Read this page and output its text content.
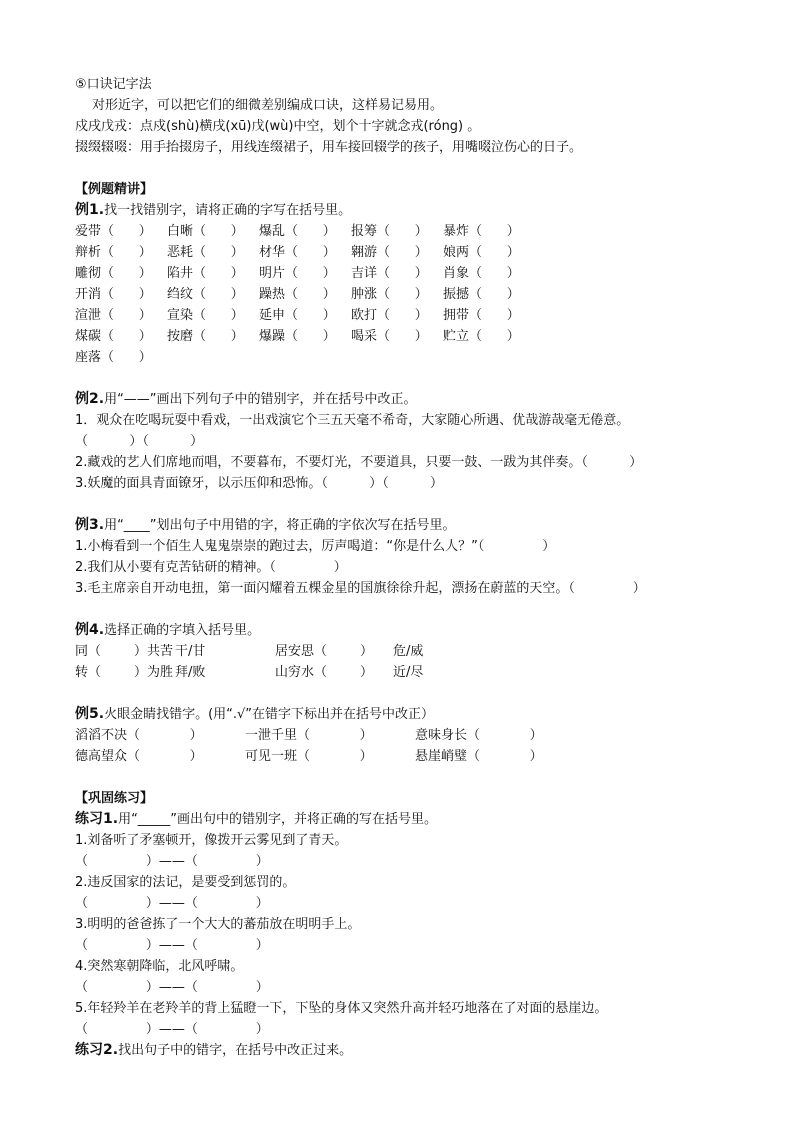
⑤口诀记字法
对形近字，可以把它们的细微差别编成口诀，这样易记易用。
戍戌戊戎：点戍(shù)横戌(xū)戊(wù)中空，划个十字就念戎(róng) 。
掇缀辍啜：用手抬掇房子，用线连缀裙子，用车接回辍学的孩子，用嘴啜泣伤心的日子。
【例题精讲】
例1.找一找错别字，请将正确的字写在括号里。
爱带（      ）	白晰（      ）	爆乱（      ）	报筹（      ）	暴炸（      ）
辩析（      ）	恶耗（      ）	材华（      ）	翱游（      ）	娘两（      ）
雕彻（      ）	陷井（      ）	明片（      ）	吉详（      ）	肖象（      ）
开消（      ）	绉纹（      ）	躁热（      ）	肿涨（      ）	振撼（      ）
渲泄（      ）	宣染（      ）	延申（      ）	欧打（      ）	拥带（      ）
煤碳（      ）	按磨（      ）	爆躁（      ）	喝采（      ）	贮立（      ）
座落（      ）
例2.用“——”画出下列句子中的错别字，并在括号中改正。
1．观众在吃喝玩耍中看戏，一出戏演它个三五天毫不希奇，大家随心所遇、优哉游哉毫无倦意。
（          ）（          ）
2.藏戏的艺人们席地而唱，不要暮布，不要灯光，不要道具，只要一鼓、一跋为其伴奏。（          ）
3.妖魔的面具青面镣牙，以示压仰和恐怖。（          ）（          ）
例3.用“____”划出句子中用错的字，将正确的字依次写在括号里。
1.小梅看到一个佰生人鬼鬼崇崇的跑过去，厉声喝道：“你是什么人？”（              ）
2.我们从小要有克苦钻研的精神。（              ）
3.毛主席亲自开动电扭，第一面闪耀着五棵金星的国旗徐徐升起，漂扬在蔚蓝的天空。（              ）
例4.选择正确的字填入括号里。
同（        ）共苦 干/甘	居安思（        ）	危/威
转（        ）为胜 拜/败	山穷水（        ）	近/尽
例5.火眼金睛找错字。(用“.√”在错字下标出并在括号中改正）
滔滔不决（            ）	一泄千里（            ）	意味身长（            ）
德高望众（            ）	可见一班（            ）	悬崖峭璧（            ）
【巩固练习】
练习1.用“_____”画出句中的错别字，并将正确的写在括号里。
1.刘备听了矛塞顿开，像拨开云雾见到了青天。
（              ）——（              ）
2.违反国家的法记，是要受到惩罚的。
（              ）——（              ）
3.明明的爸爸拣了一个大大的蕃茄放在明明手上。
（              ）——（              ）
4.突然寒朝降临，北风呼啸。
（              ）——（              ）
5.年轻羚羊在老羚羊的背上猛瞪一下，下坠的身体又突然升高并轻巧地落在了对面的悬崖边。
（              ）——（              ）
练习2.找出句子中的错字，在括号中改正过来。
